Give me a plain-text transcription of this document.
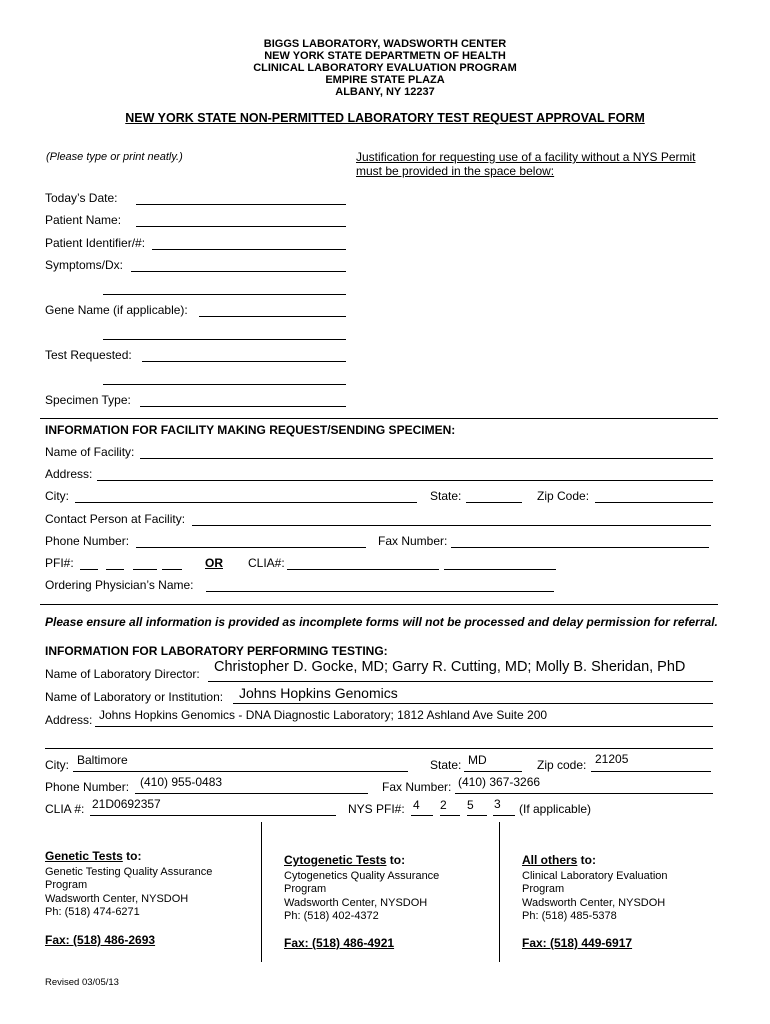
BIGGS LABORATORY, WADSWORTH CENTER
NEW YORK STATE DEPARTMETN OF HEALTH
CLINICAL LABORATORY EVALUATION PROGRAM
EMPIRE STATE PLAZA
ALBANY, NY 12237
NEW YORK STATE NON-PERMITTED LABORATORY TEST REQUEST APPROVAL FORM
(Please type or print neatly.)	Justification for requesting use of a facility without a NYS Permit
must be provided in the space below:
Today’s Date:
Patient Name:
Patient Identifier/#:
Symptoms/Dx:
Gene Name (if applicable):
Test Requested:
Specimen Type:
INFORMATION FOR FACILITY MAKING REQUEST/SENDING SPECIMEN:
Name of Facility:
Address:
City:	State:	Zip Code:
Contact Person at Facility:
Phone Number:	Fax Number:
PFI#:	OR CLIA#:
Ordering Physician’s Name:
Please ensure all information is provided as incomplete forms will not be processed and delay permission for referral.
INFORMATION FOR LABORATORY PERFORMING TESTING:
Name of Laboratory Director: Christopher D. Gocke, MD; Garry R. Cutting, MD; Molly B. Sheridan, PhD
Name of Laboratory or Institution: Johns Hopkins Genomics
Address: Johns Hopkins Genomics - DNA Diagnostic Laboratory; 1812 Ashland Ave Suite 200
City: Baltimore	State: MD	Zip code: 21205
Phone Number: (410) 955-0483	Fax Number: (410) 367-3266
CLIA #: 21D0692357	NYS PFI#: 4 2 5 3 (If applicable)
Genetic Tests to:
Genetic Testing Quality Assurance
Program
Wadsworth Center, NYSDOH
Ph: (518) 474-6271
Fax: (518) 486-2693
Cytogenetic Tests to:
Cytogenetics Quality Assurance
Program
Wadsworth Center, NYSDOH
Ph: (518) 402-4372
Fax: (518) 486-4921
All others to:
Clinical Laboratory Evaluation
Program
Wadsworth Center, NYSDOH
Ph: (518) 485-5378
Fax: (518) 449-6917
Revised 03/05/13
